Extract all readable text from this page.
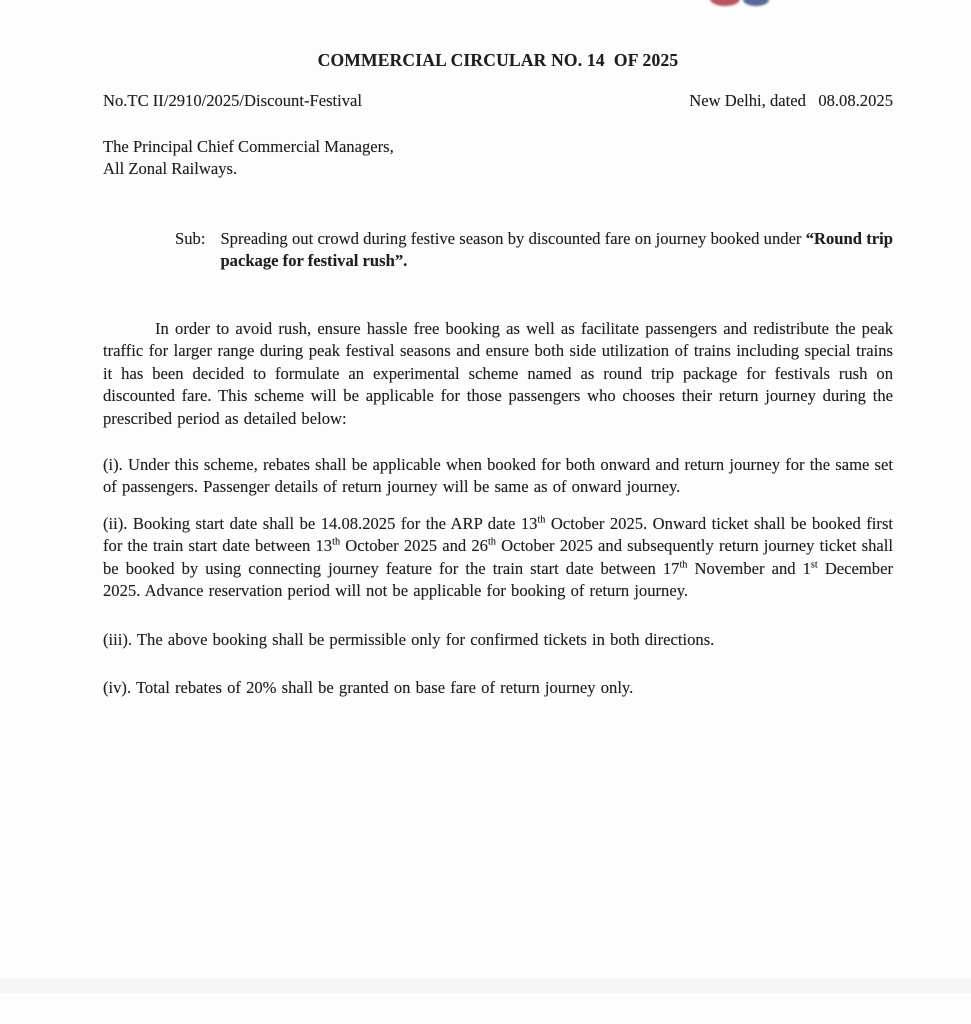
COMMERCIAL CIRCULAR NO. 14  OF 2025
No.TC II/2910/2025/Discount-Festival	New Delhi, dated   08.08.2025
The Principal Chief Commercial Managers,
All Zonal Railways.
Sub: Spreading out crowd during festive season by discounted fare on journey booked under “Round trip package for festival rush”.

In order to avoid rush, ensure hassle free booking as well as facilitate passengers and redistribute the peak traffic for larger range during peak festival seasons and ensure both side utilization of trains including special trains it has been decided to formulate an experimental scheme named as round trip package for festivals rush on discounted fare. This scheme will be applicable for those passengers who chooses their return journey during the prescribed period as detailed below:

(i). Under this scheme, rebates shall be applicable when booked for both onward and return journey for the same set of passengers. Passenger details of return journey will be same as of onward journey.

(ii). Booking start date shall be 14.08.2025 for the ARP date 13th October 2025. Onward ticket shall be booked first for the train start date between 13th October 2025 and 26th October 2025 and subsequently return journey ticket shall be booked by using connecting journey feature for the train start date between 17th November and 1st December 2025. Advance reservation period will not be applicable for booking of return journey.

(iii). The above booking shall be permissible only for confirmed tickets in both directions.

(iv). Total rebates of 20% shall be granted on base fare of return journey only.
